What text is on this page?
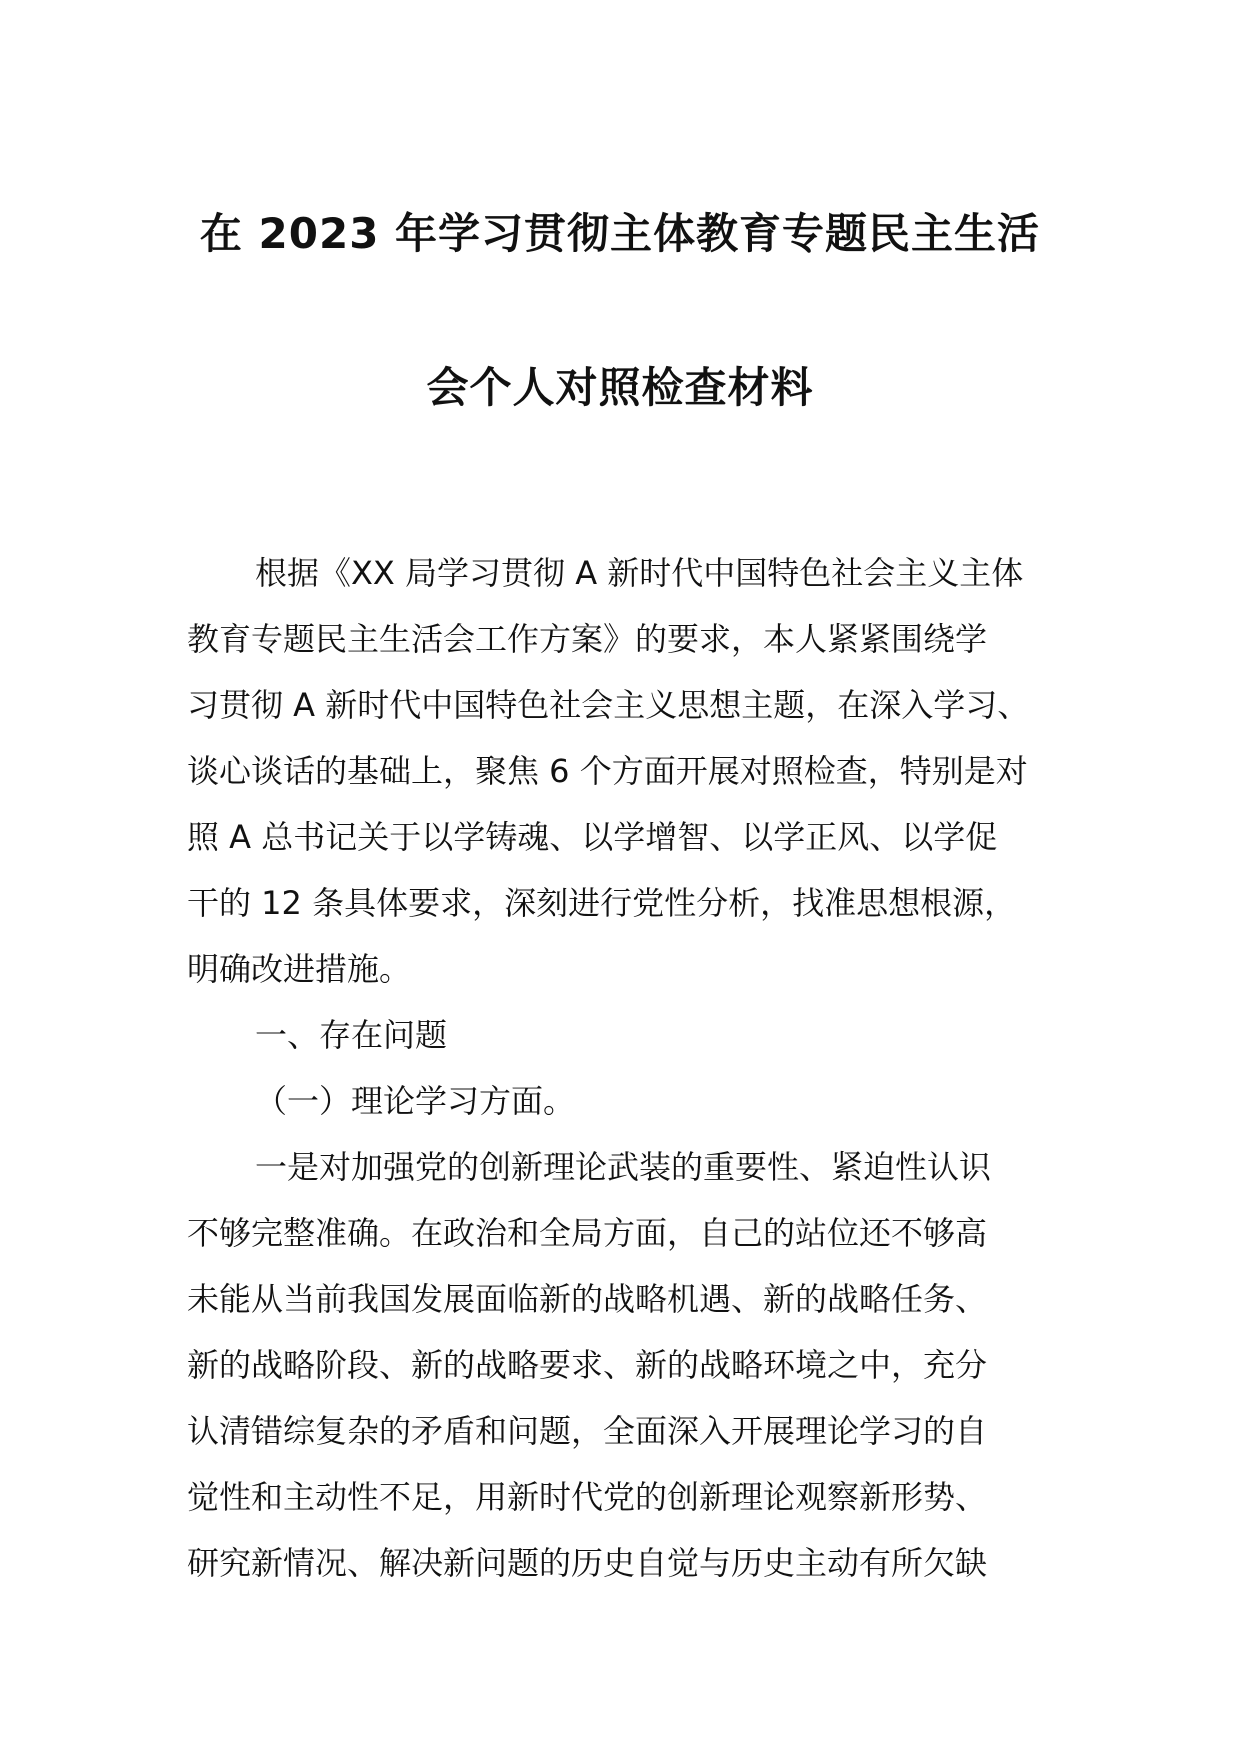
在 2023 年学习贯彻主体教育专题民主生活
会个人对照检查材料
根据《XX 局学习贯彻 A 新时代中国特色社会主义主体
教育专题民主生活会工作方案》的要求，本人紧紧围绕学
习贯彻 A 新时代中国特色社会主义思想主题，在深入学习、
谈心谈话的基础上，聚焦 6 个方面开展对照检查，特别是对
照 A 总书记关于以学铸魂、以学增智、以学正风、以学促
干的 12 条具体要求，深刻进行党性分析，找准思想根源，
明确改进措施。
一、存在问题
（一）理论学习方面。
一是对加强党的创新理论武装的重要性、紧迫性认识
不够完整准确。在政治和全局方面，自己的站位还不够高
未能从当前我国发展面临新的战略机遇、新的战略任务、
新的战略阶段、新的战略要求、新的战略环境之中，充分
认清错综复杂的矛盾和问题，全面深入开展理论学习的自
觉性和主动性不足，用新时代党的创新理论观察新形势、
研究新情况、解决新问题的历史自觉与历史主动有所欠缺
